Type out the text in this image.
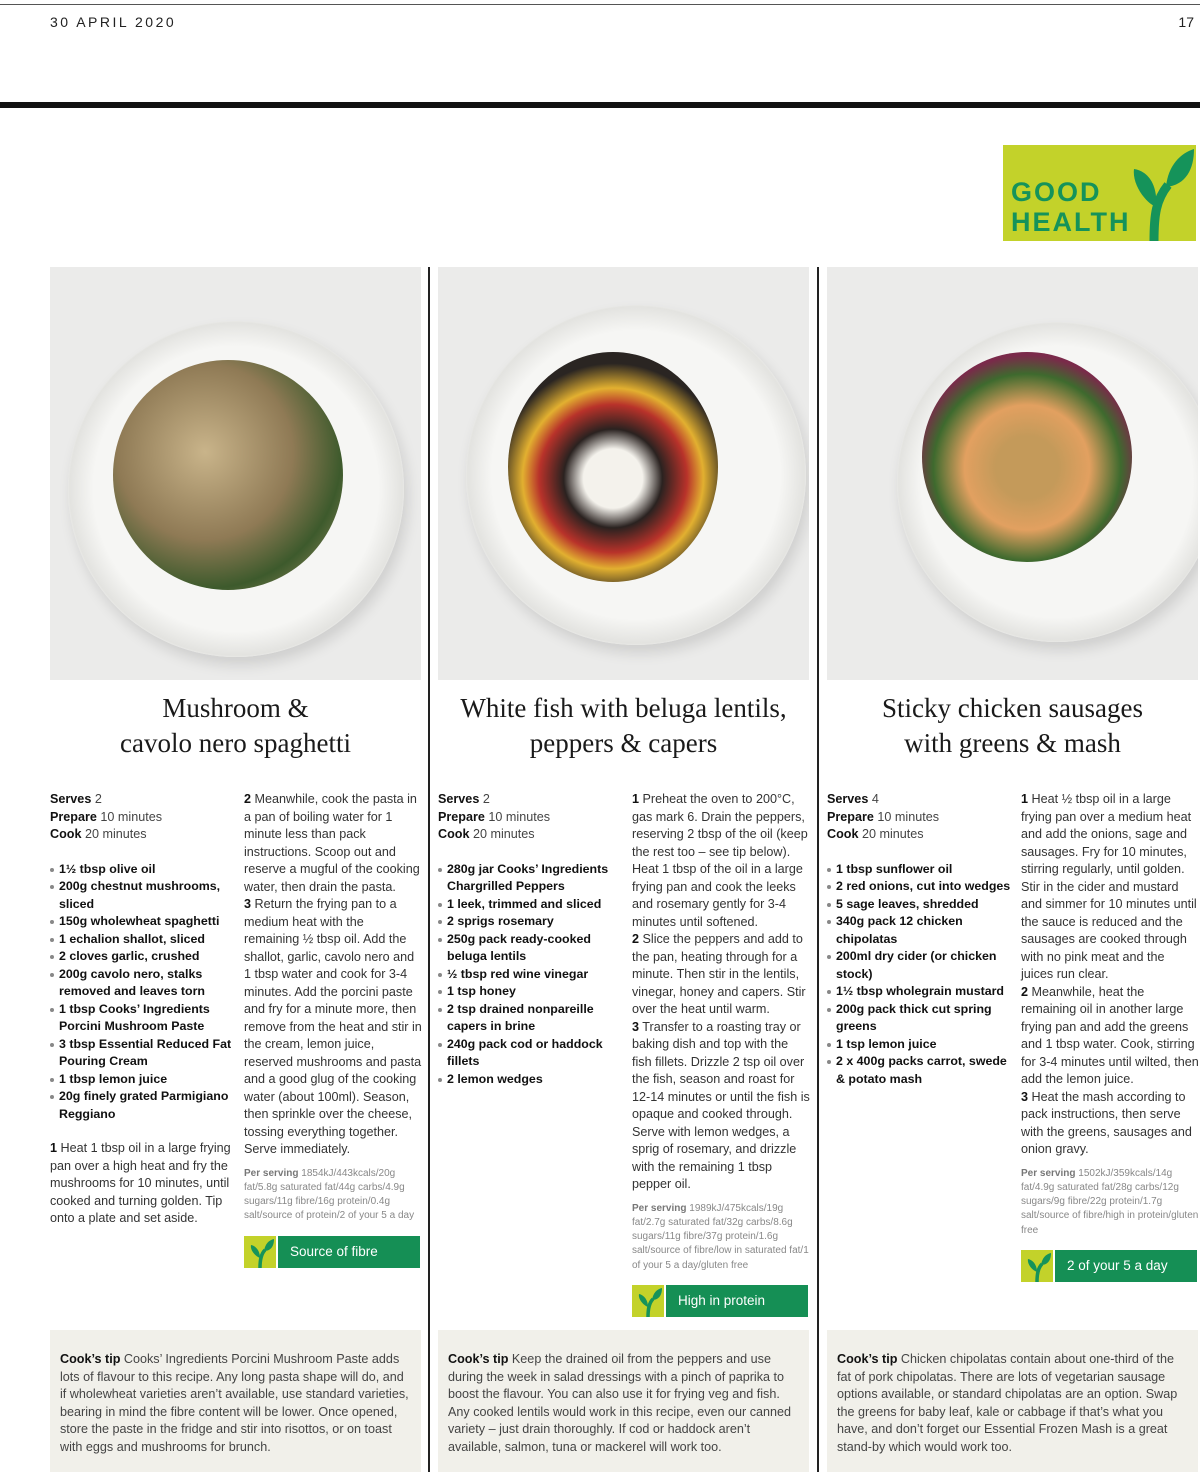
30 APRIL 2020	17
GOOD
HEALTH
Mushroom &
cavolo nero spaghetti
Serves 2
Prepare 10 minutes
Cook 20 minutes
1½ tbsp olive oil
200g chestnut mushrooms, sliced
150g wholewheat spaghetti
1 echalion shallot, sliced
2 cloves garlic, crushed
200g cavolo nero, stalks removed and leaves torn
1 tbsp Cooks’ Ingredients Porcini Mushroom Paste
3 tbsp Essential Reduced Fat Pouring Cream
1 tbsp lemon juice
20g finely grated Parmigiano Reggiano
1 Heat 1 tbsp oil in a large frying pan over a high heat and fry the mushrooms for 10 minutes, until cooked and turning golden. Tip onto a plate and set aside.
2 Meanwhile, cook the pasta in a pan of boiling water for 1 minute less than pack instructions. Scoop out and reserve a mugful of the cooking water, then drain the pasta.
3 Return the frying pan to a medium heat with the remaining ½ tbsp oil. Add the shallot, garlic, cavolo nero and 1 tbsp water and cook for 3-4 minutes. Add the porcini paste and fry for a minute more, then remove from the heat and stir in the cream, lemon juice, reserved mushrooms and pasta and a good glug of the cooking water (about 100ml). Season, then sprinkle over the cheese, tossing everything together. Serve immediately.
Per serving 1854kJ/443kcals/20g fat/5.8g saturated fat/44g carbs/4.9g sugars/11g fibre/16g protein/0.4g salt/source of protein/2 of your 5 a day
Source of fibre
Cook’s tip Cooks’ Ingredients Porcini Mushroom Paste adds lots of flavour to this recipe. Any long pasta shape will do, and if wholewheat varieties aren’t available, use standard varieties, bearing in mind the fibre content will be lower. Once opened, store the paste in the fridge and stir into risottos, or on toast with eggs and mushrooms for brunch.
White fish with beluga lentils,
peppers & capers
Serves 2
Prepare 10 minutes
Cook 20 minutes
280g jar Cooks’ Ingredients Chargrilled Peppers
1 leek, trimmed and sliced
2 sprigs rosemary
250g pack ready-cooked beluga lentils
½ tbsp red wine vinegar
1 tsp honey
2 tsp drained nonpareille capers in brine
240g pack cod or haddock fillets
2 lemon wedges
1 Preheat the oven to 200°C, gas mark 6. Drain the peppers, reserving 2 tbsp of the oil (keep the rest too – see tip below). Heat 1 tbsp of the oil in a large frying pan and cook the leeks and rosemary gently for 3-4 minutes until softened.
2 Slice the peppers and add to the pan, heating through for a minute. Then stir in the lentils, vinegar, honey and capers. Stir over the heat until warm.
3 Transfer to a roasting tray or baking dish and top with the fish fillets. Drizzle 2 tsp oil over the fish, season and roast for 12-14 minutes or until the fish is opaque and cooked through. Serve with lemon wedges, a sprig of rosemary, and drizzle with the remaining 1 tbsp pepper oil.
Per serving 1989kJ/475kcals/19g fat/2.7g saturated fat/32g carbs/8.6g sugars/11g fibre/37g protein/1.6g salt/source of fibre/low in saturated fat/1 of your 5 a day/gluten free
High in protein
Cook’s tip Keep the drained oil from the peppers and use during the week in salad dressings with a pinch of paprika to boost the flavour. You can also use it for frying veg and fish. Any cooked lentils would work in this recipe, even our canned variety – just drain thoroughly. If cod or haddock aren’t available, salmon, tuna or mackerel will work too.
Sticky chicken sausages
with greens & mash
Serves 4
Prepare 10 minutes
Cook 20 minutes
1 tbsp sunflower oil
2 red onions, cut into wedges
5 sage leaves, shredded
340g pack 12 chicken chipolatas
200ml dry cider (or chicken stock)
1½ tbsp wholegrain mustard
200g pack thick cut spring greens
1 tsp lemon juice
2 x 400g packs carrot, swede & potato mash
1 Heat ½ tbsp oil in a large frying pan over a medium heat and add the onions, sage and sausages. Fry for 10 minutes, stirring regularly, until golden. Stir in the cider and mustard and simmer for 10 minutes until the sauce is reduced and the sausages are cooked through with no pink meat and the juices run clear.
2 Meanwhile, heat the remaining oil in another large frying pan and add the greens and 1 tbsp water. Cook, stirring for 3-4 minutes until wilted, then add the lemon juice.
3 Heat the mash according to pack instructions, then serve with the greens, sausages and onion gravy.
Per serving 1502kJ/359kcals/14g fat/4.9g saturated fat/28g carbs/12g sugars/9g fibre/22g protein/1.7g salt/source of fibre/high in protein/gluten free
2 of your 5 a day
Cook’s tip Chicken chipolatas contain about one-third of the fat of pork chipolatas. There are lots of vegetarian sausage options available, or standard chipolatas are an option. Swap the greens for baby leaf, kale or cabbage if that’s what you have, and don’t forget our Essential Frozen Mash is a great stand-by which would work too.
